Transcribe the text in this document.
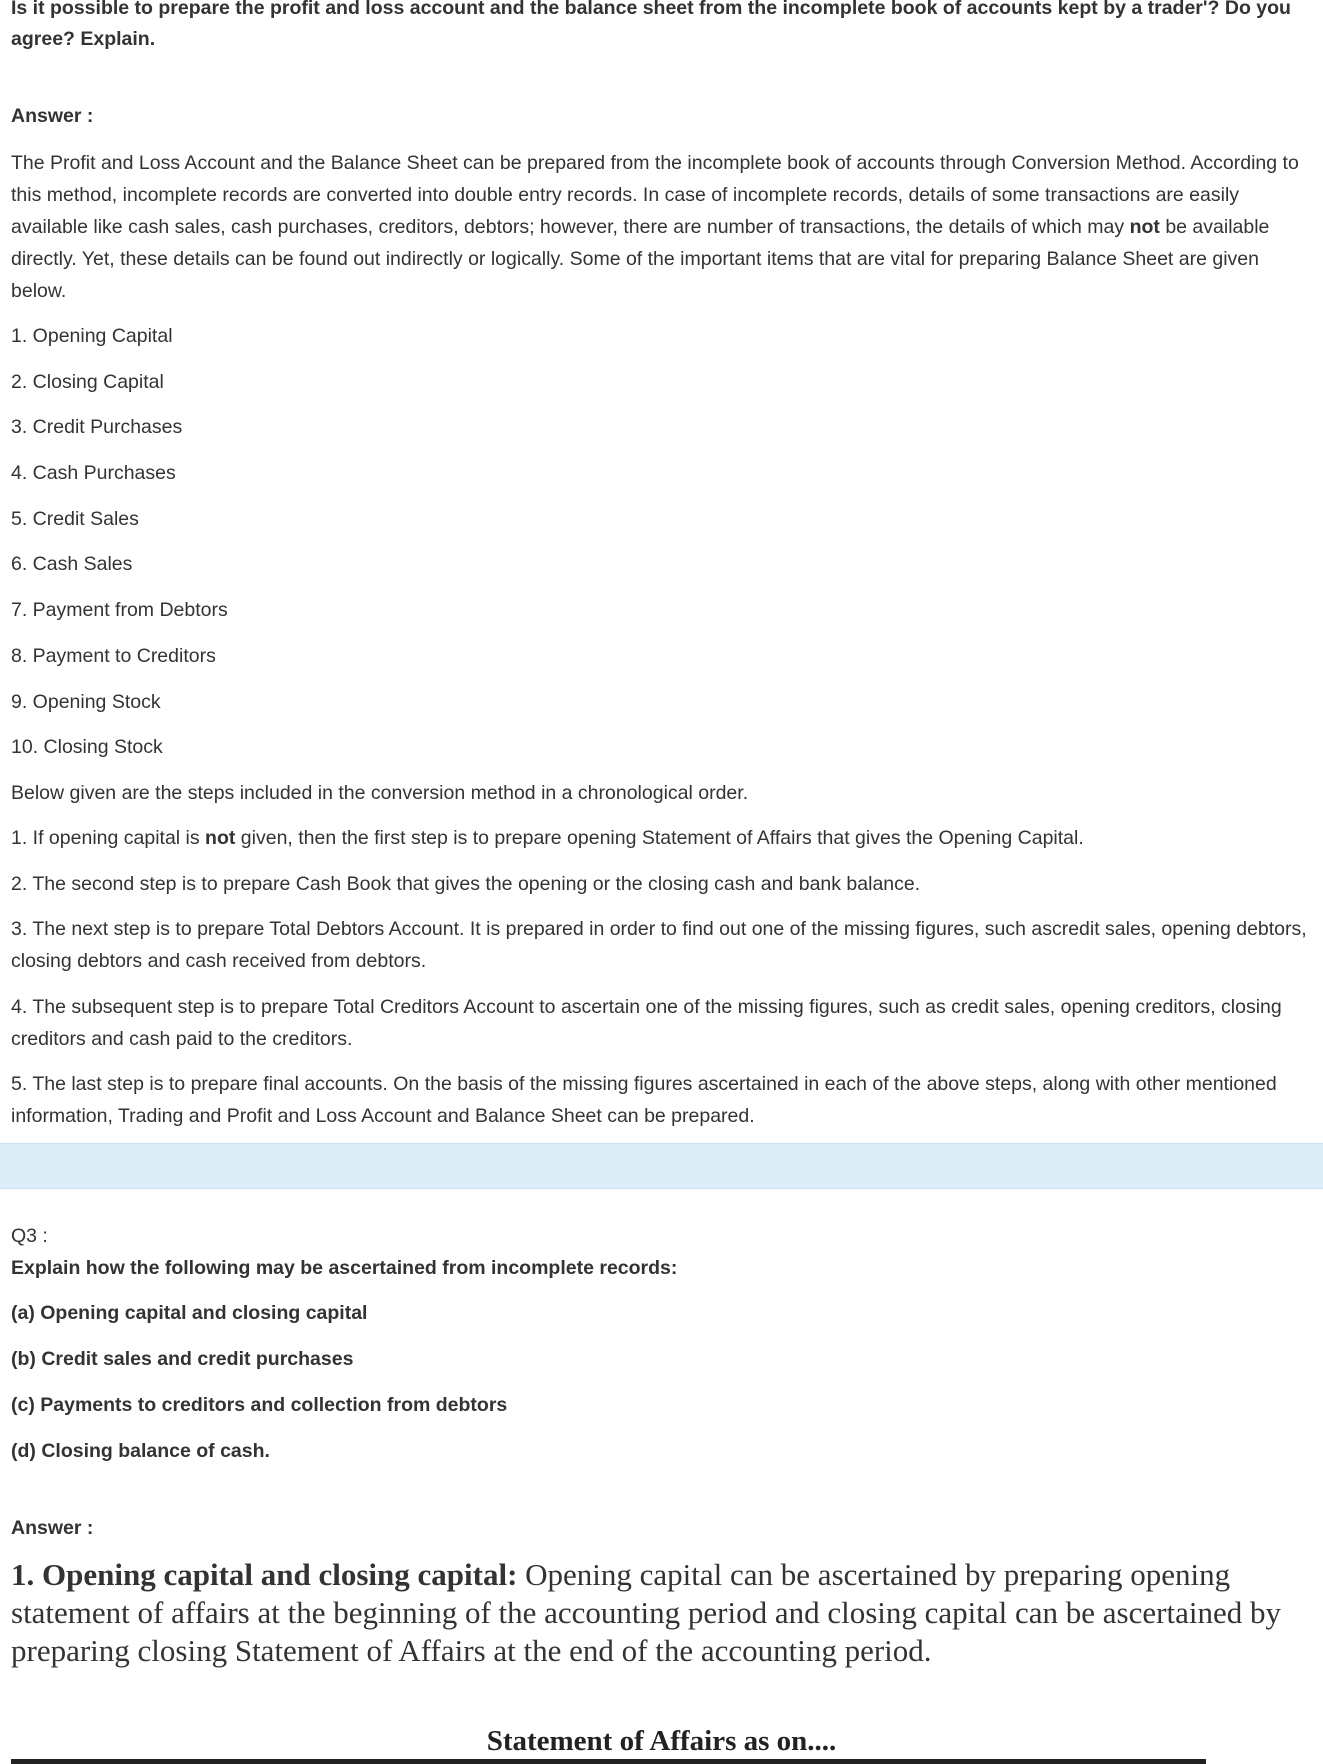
Is it possible to prepare the profit and loss account and the balance sheet from the incomplete book of accounts kept by a trader'? Do you agree? Explain.
Answer :

The Profit and Loss Account and the Balance Sheet can be prepared from the incomplete book of accounts through Conversion Method. According to this method, incomplete records are converted into double entry records. In case of incomplete records, details of some transactions are easily available like cash sales, cash purchases, creditors, debtors; however, there are number of transactions, the details of which may not be available directly. Yet, these details can be found out indirectly or logically. Some of the important items that are vital for preparing Balance Sheet are given below.

1. Opening Capital

2. Closing Capital

3. Credit Purchases

4. Cash Purchases

5. Credit Sales

6. Cash Sales

7. Payment from Debtors

8. Payment to Creditors

9. Opening Stock

10. Closing Stock

Below given are the steps included in the conversion method in a chronological order.

1. If opening capital is not given, then the first step is to prepare opening Statement of Affairs that gives the Opening Capital.

2. The second step is to prepare Cash Book that gives the opening or the closing cash and bank balance.

3. The next step is to prepare Total Debtors Account. It is prepared in order to find out one of the missing figures, such ascredit sales, opening debtors, closing debtors and cash received from debtors.

4. The subsequent step is to prepare Total Creditors Account to ascertain one of the missing figures, such as credit sales, opening creditors, closing creditors and cash paid to the creditors.

5. The last step is to prepare final accounts. On the basis of the missing figures ascertained in each of the above steps, along with other mentioned information, Trading and Profit and Loss Account and Balance Sheet can be prepared.

Q3 :
Explain how the following may be ascertained from incomplete records:

(a) Opening capital and closing capital

(b) Credit sales and credit purchases

(c) Payments to creditors and collection from debtors

(d) Closing balance of cash.

Answer :
1. Opening capital and closing capital: Opening capital can be ascertained by preparing opening statement of affairs at the beginning of the accounting period and closing capital can be ascertained by preparing closing Statement of Affairs at the end of the accounting period.
Statement of Affairs as on....
